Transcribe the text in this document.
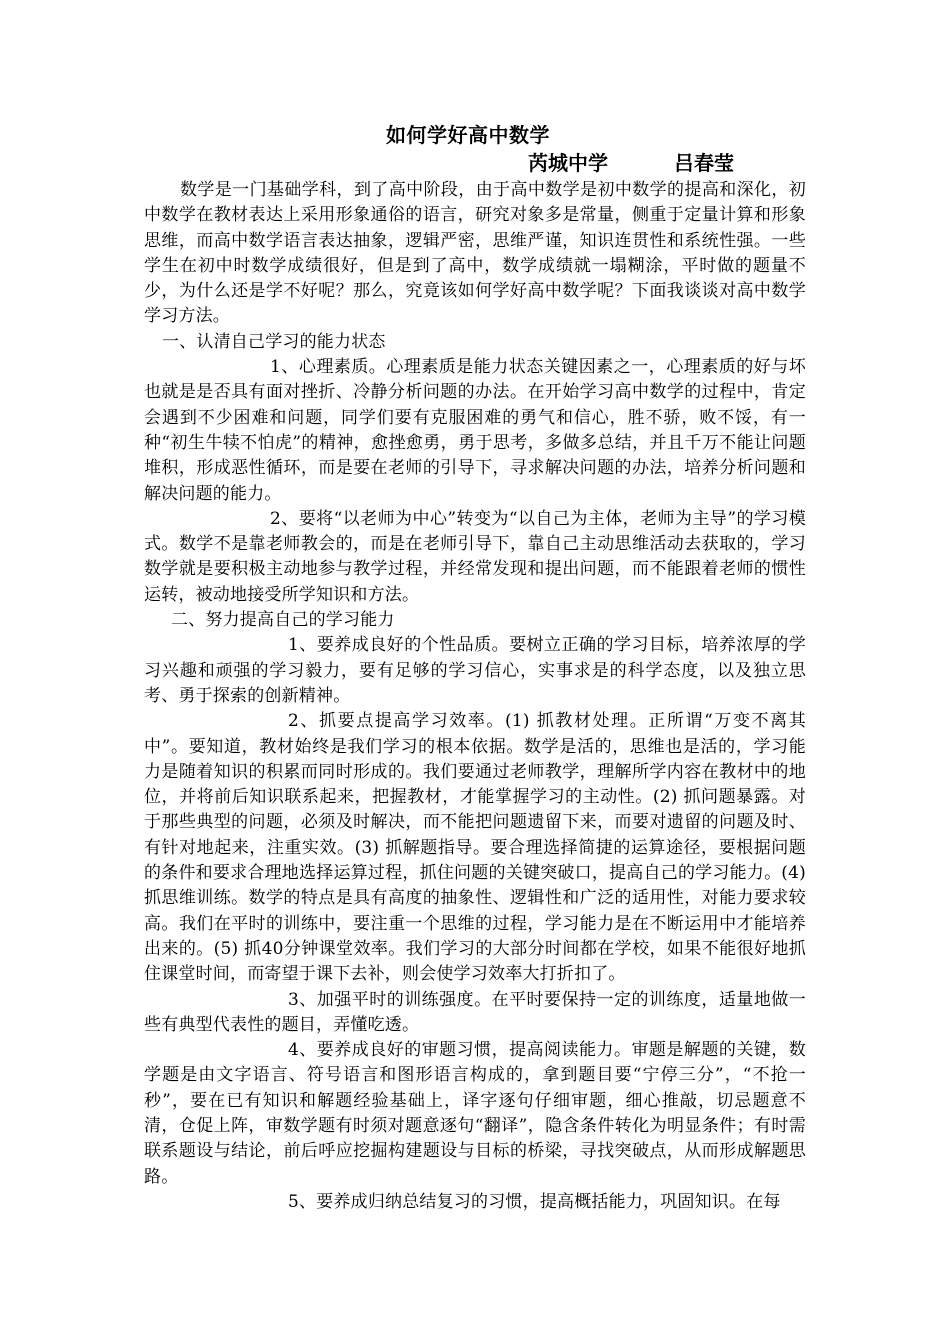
如何学好高中数学
芮城中学	吕春莹

数学是一门基础学科，到了高中阶段，由于高中数学是初中数学的提高和深化，初中数学在教材表达上采用形象通俗的语言，研究对象多是常量，侧重于定量计算和形象思维，而高中数学语言表达抽象，逻辑严密，思维严谨，知识连贯性和系统性强。一些学生在初中时数学成绩很好，但是到了高中，数学成绩就一塌糊涂，平时做的题量不少，为什么还是学不好呢？那么，究竟该如何学好高中数学呢？下面我谈谈对高中数学学习方法。

一、认清自己学习的能力状态

1、心理素质。心理素质是能力状态关键因素之一，心理素质的好与坏也就是是否具有面对挫折、冷静分析问题的办法。在开始学习高中数学的过程中，肯定会遇到不少困难和问题，同学们要有克服困难的勇气和信心，胜不骄，败不馁，有一种“初生牛犊不怕虎”的精神，愈挫愈勇，勇于思考，多做多总结，并且千万不能让问题堆积，形成恶性循环，而是要在老师的引导下，寻求解决问题的办法，培养分析问题和解决问题的能力。

2、要将“以老师为中心”转变为“以自己为主体，老师为主导”的学习模式。数学不是靠老师教会的，而是在老师引导下，靠自己主动思维活动去获取的，学习数学就是要积极主动地参与教学过程，并经常发现和提出问题，而不能跟着老师的惯性运转，被动地接受所学知识和方法。

二、努力提高自己的学习能力

1、要养成良好的个性品质。要树立正确的学习目标，培养浓厚的学习兴趣和顽强的学习毅力，要有足够的学习信心，实事求是的科学态度，以及独立思考、勇于探索的创新精神。

2、抓要点提高学习效率。(1) 抓教材处理。正所谓“万变不离其中”。要知道，教材始终是我们学习的根本依据。数学是活的，思维也是活的，学习能力是随着知识的积累而同时形成的。我们要通过老师教学，理解所学内容在教材中的地位，并将前后知识联系起来，把握教材，才能掌握学习的主动性。(2) 抓问题暴露。对于那些典型的问题，必须及时解决，而不能把问题遗留下来，而要对遗留的问题及时、有针对地起来，注重实效。(3) 抓解题指导。要合理选择简捷的运算途径，要根据问题的条件和要求合理地选择运算过程，抓住问题的关键突破口，提高自己的学习能力。(4) 抓思维训练。数学的特点是具有高度的抽象性、逻辑性和广泛的适用性，对能力要求较高。我们在平时的训练中，要注重一个思维的过程，学习能力是在不断运用中才能培养出来的。(5) 抓40分钟课堂效率。我们学习的大部分时间都在学校，如果不能很好地抓住课堂时间，而寄望于课下去补，则会使学习效率大打折扣了。

3、加强平时的训练强度。在平时要保持一定的训练度，适量地做一些有典型代表性的题目，弄懂吃透。

4、要养成良好的审题习惯，提高阅读能力。审题是解题的关键，数学题是由文字语言、符号语言和图形语言构成的，拿到题目要“宁停三分”，“不抢一秒”，要在已有知识和解题经验基础上，译字逐句仔细审题，细心推敲，切忌题意不清，仓促上阵，审数学题有时须对题意逐句“翻译”，隐含条件转化为明显条件；有时需联系题设与结论，前后呼应挖掘构建题设与目标的桥梁，寻找突破点，从而形成解题思路。

5、要养成归纳总结复习的习惯，提高概括能力，巩固知识。在每
